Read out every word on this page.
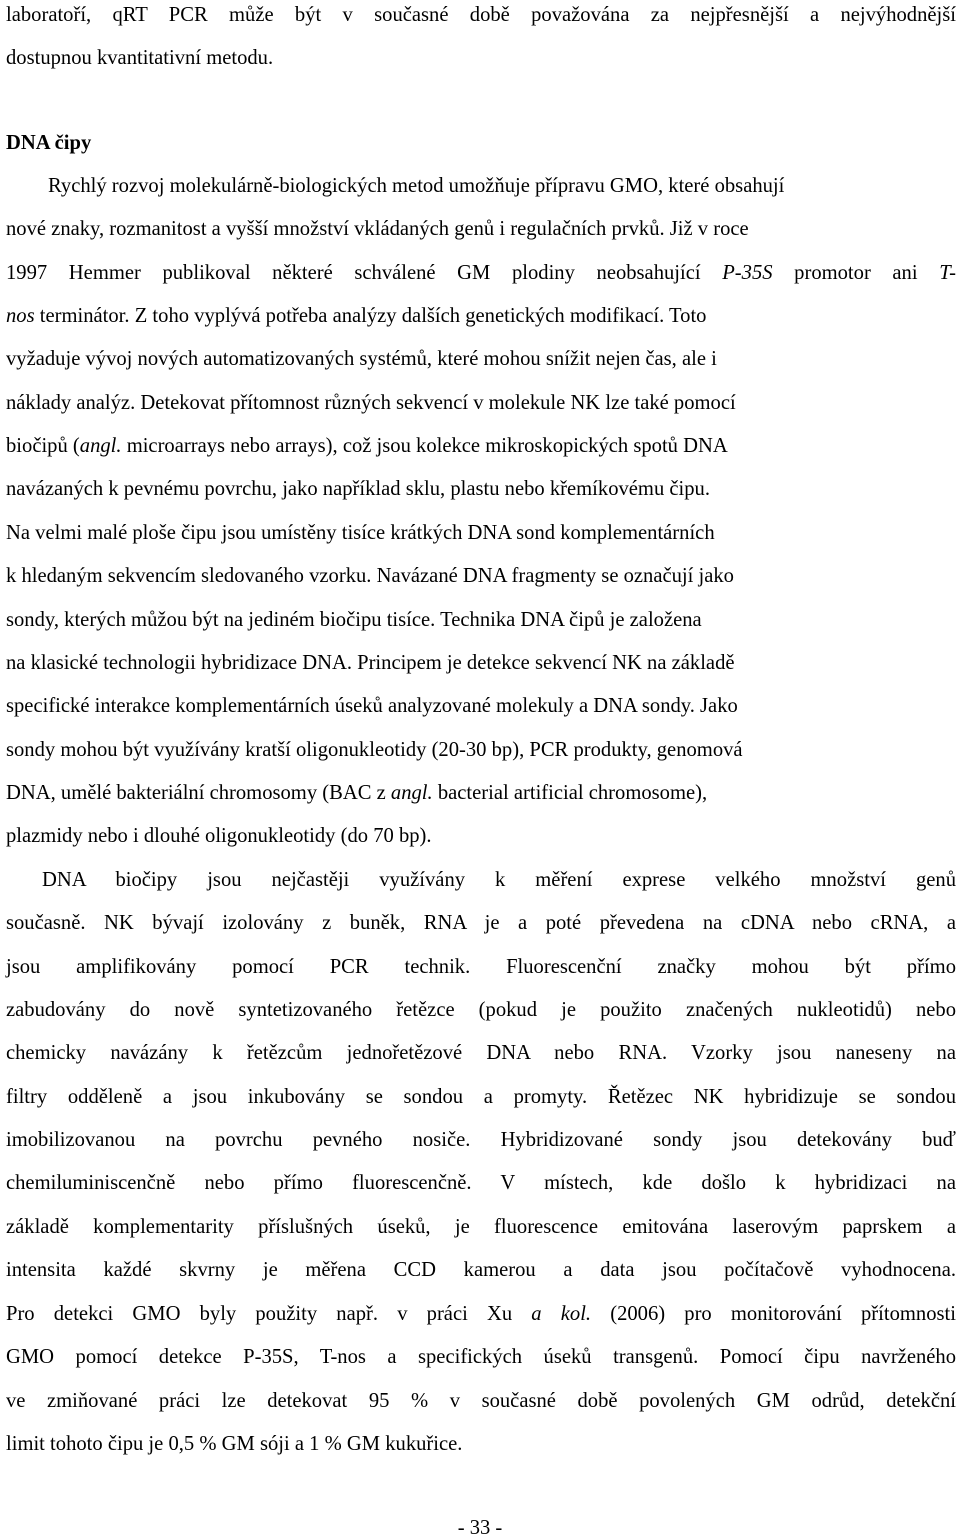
laboratoří, qRT PCR může být v současné době považována za nejpřesnější a nejvýhodnější
dostupnou kvantitativní metodu.
DNA čipy
Rychlý rozvoj molekulárně-biologických metod umožňuje přípravu GMO, které obsahují
nové znaky, rozmanitost a vyšší množství vkládaných genů i regulačních prvků. Již v roce
1997 Hemmer publikoval některé schválené GM plodiny neobsahující P-35S promotor ani T-
nos terminátor. Z toho vyplývá potřeba analýzy dalších genetických modifikací. Toto
vyžaduje vývoj nových automatizovaných systémů, které mohou snížit nejen čas, ale i
náklady analýz. Detekovat přítomnost různých sekvencí v molekule NK lze také pomocí
biočipů (angl. microarrays nebo arrays), což jsou kolekce mikroskopických spotů DNA
navázaných k pevnému povrchu, jako například sklu, plastu nebo křemíkovému čipu.
Na velmi malé ploše čipu jsou umístěny tisíce krátkých DNA sond komplementárních
k hledaným sekvencím sledovaného vzorku. Navázané DNA fragmenty se označují jako
sondy, kterých můžou být na jediném biočipu tisíce. Technika DNA čipů je založena
na klasické technologii hybridizace DNA. Principem je detekce sekvencí NK na základě
specifické interakce komplementárních úseků analyzované molekuly a DNA sondy. Jako
sondy mohou být využívány kratší oligonukleotidy (20-30 bp), PCR produkty, genomová
DNA, umělé bakteriální chromosomy (BAC z angl. bacterial artificial chromosome),
plazmidy nebo i dlouhé oligonukleotidy (do 70 bp).
DNA biočipy jsou nejčastěji využívány k měření exprese velkého množství genů
současně. NK bývají izolovány z buněk, RNA je a poté převedena na cDNA nebo cRNA, a
jsou amplifikovány pomocí PCR technik. Fluorescenční značky mohou být přímo
zabudovány do nově syntetizovaného řetězce (pokud je použito značených nukleotidů) nebo
chemicky navázány k řetězcům jednořetězové DNA nebo RNA. Vzorky jsou naneseny na
filtry odděleně a jsou inkubovány se sondou a promyty. Řetězec NK hybridizuje se sondou
imobilizovanou na povrchu pevného nosiče. Hybridizované sondy jsou detekovány buď
chemiluminiscenčně nebo přímo fluorescenčně. V místech, kde došlo k hybridizaci na
základě komplementarity příslušných úseků, je fluorescence emitována laserovým paprskem a
intensita každé skvrny je měřena CCD kamerou a data jsou počítačově vyhodnocena.
Pro detekci GMO byly použity např. v práci Xu a kol. (2006) pro monitorování přítomnosti
GMO pomocí detekce P-35S, T-nos a specifických úseků transgenů. Pomocí čipu navrženého
ve zmiňované práci lze detekovat 95 % v současné době povolených GM odrůd, detekční
limit tohoto čipu je 0,5 % GM sóji a 1 % GM kukuřice.
- 33 -
